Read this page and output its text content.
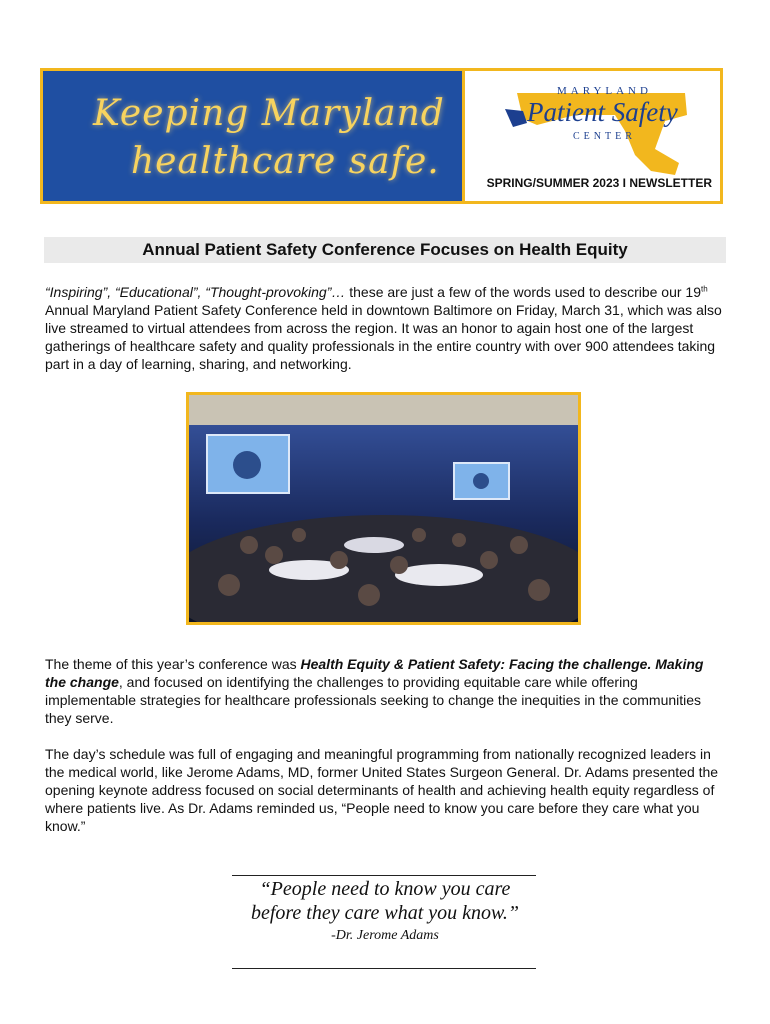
Keeping Maryland
healthcare safe.
MARYLAND
Patient Safety
CENTER
SPRING/SUMMER 2023 I NEWSLETTER
Annual Patient Safety Conference Focuses on Health Equity

“Inspiring”, “Educational”, “Thought-provoking”… these are just a few of the words used to describe our 19th Annual Maryland Patient Safety Conference held in downtown Baltimore on Friday, March 31, which was also live streamed to virtual attendees from across the region. It was an honor to again host one of the largest gatherings of healthcare safety and quality professionals in the entire country with over 900 attendees taking part in a day of learning, sharing, and networking.

The theme of this year’s conference was Health Equity & Patient Safety: Facing the challenge. Making the change, and focused on identifying the challenges to providing equitable care while offering implementable strategies for healthcare professionals seeking to change the inequities in the communities they serve.

The day’s schedule was full of engaging and meaningful programming from nationally recognized leaders in the medical world, like Jerome Adams, MD, former United States Surgeon General. Dr. Adams presented the opening keynote address focused on social determinants of health and achieving health equity regardless of where patients live. As Dr. Adams reminded us, “People need to know you care before they care what you know.”

“People need to know you care
before they care what you know.”
-Dr. Jerome Adams
